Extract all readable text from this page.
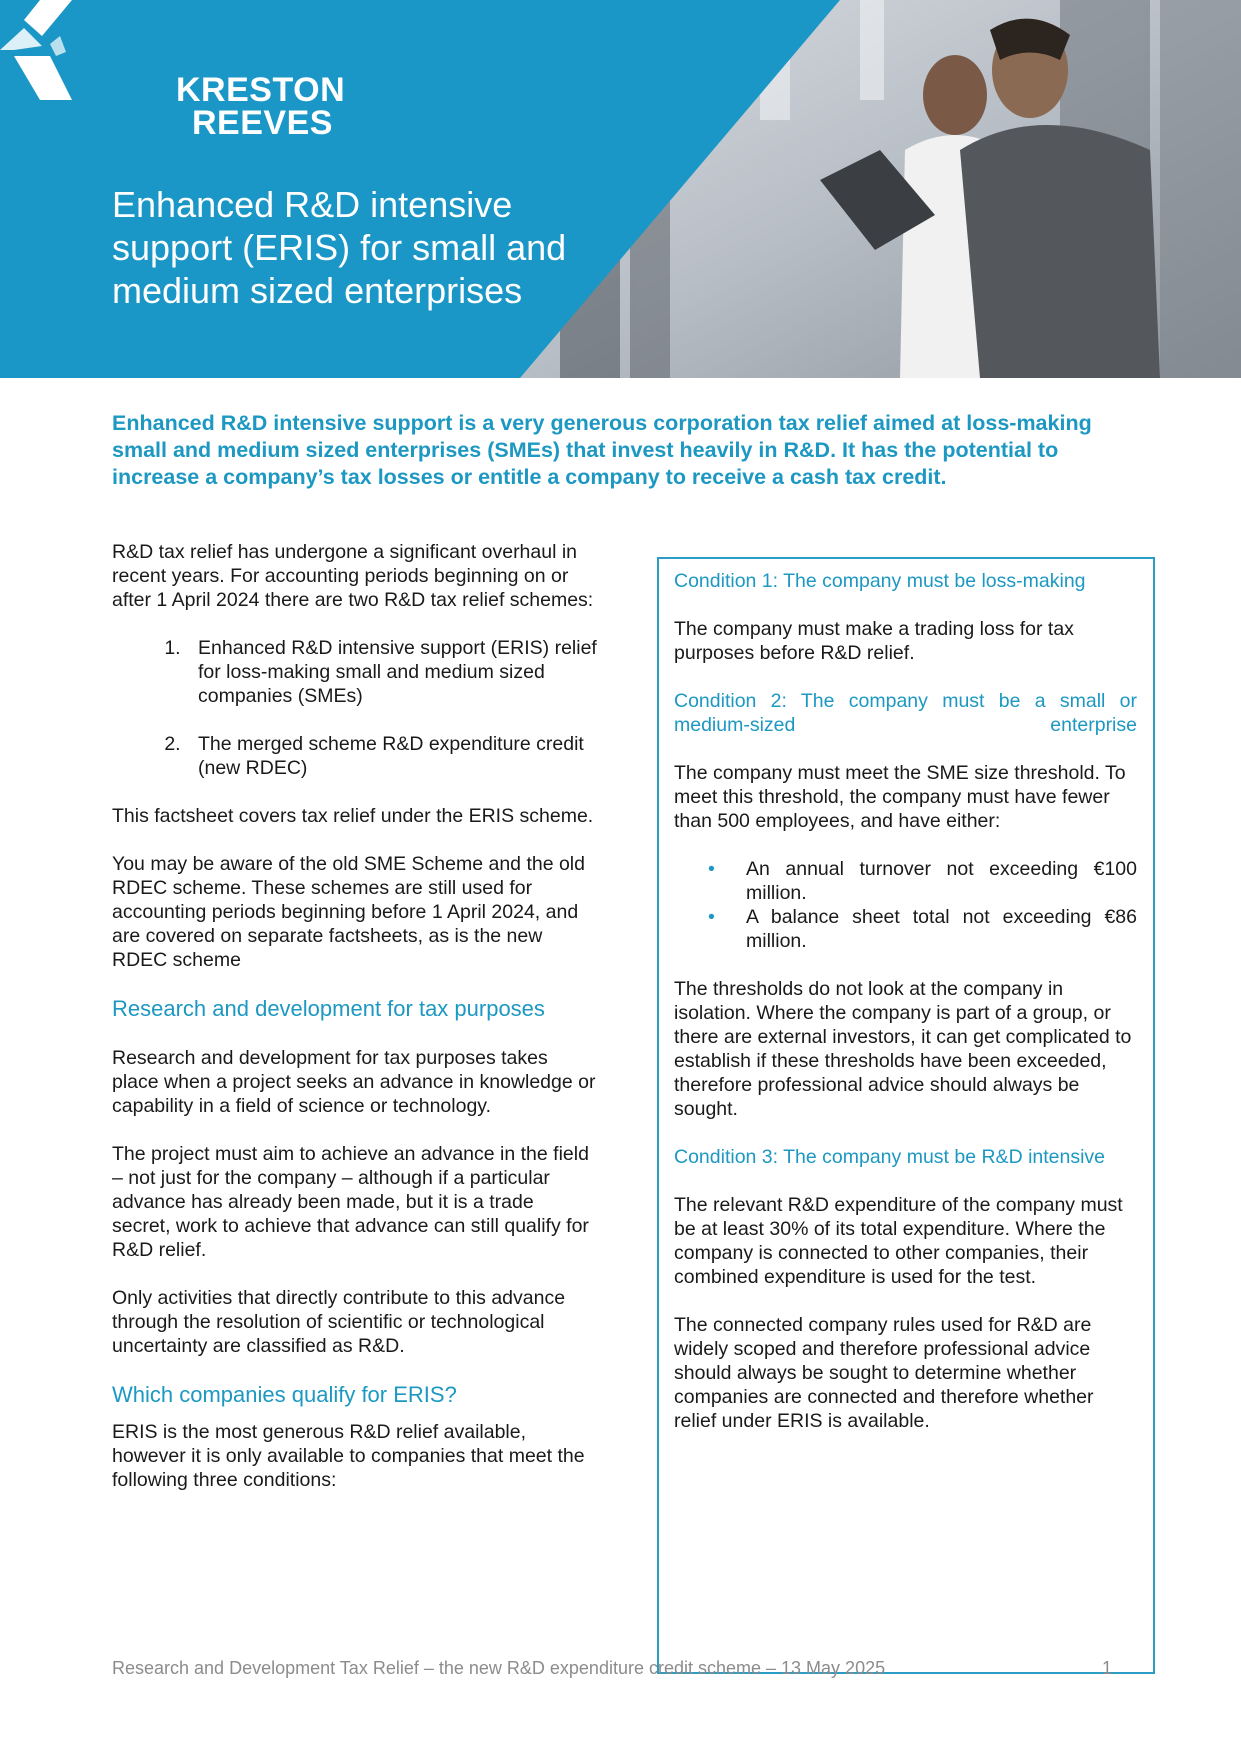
KRESTON
REEVES
Enhanced R&D intensive support (ERIS) for small and medium sized enterprises

Enhanced R&D intensive support is a very generous corporation tax relief aimed at loss-making small and medium sized enterprises (SMEs) that invest heavily in R&D. It has the potential to increase a company’s tax losses or entitle a company to receive a cash tax credit.

R&D tax relief has undergone a significant overhaul in recent years. For accounting periods beginning on or after 1 April 2024 there are two R&D tax relief schemes:

1. Enhanced R&D intensive support (ERIS) relief for loss-making small and medium sized companies (SMEs)
2. The merged scheme R&D expenditure credit (new RDEC)

This factsheet covers tax relief under the ERIS scheme.

You may be aware of the old SME Scheme and the old RDEC scheme. These schemes are still used for accounting periods beginning before 1 April 2024, and are covered on separate factsheets, as is the new RDEC scheme

Research and development for tax purposes

Research and development for tax purposes takes place when a project seeks an advance in knowledge or capability in a field of science or technology.

The project must aim to achieve an advance in the field – not just for the company – although if a particular advance has already been made, but it is a trade secret, work to achieve that advance can still qualify for R&D relief.

Only activities that directly contribute to this advance through the resolution of scientific or technological uncertainty are classified as R&D.

Which companies qualify for ERIS?

ERIS is the most generous R&D relief available, however it is only available to companies that meet the following three conditions:

Condition 1: The company must be loss-making

The company must make a trading loss for tax purposes before R&D relief.

Condition 2: The company must be a small or medium-sized enterprise

The company must meet the SME size threshold. To meet this threshold, the company must have fewer than 500 employees, and have either:

• An annual turnover not exceeding €100 million.
• A balance sheet total not exceeding €86 million.

The thresholds do not look at the company in isolation. Where the company is part of a group, or there are external investors, it can get complicated to establish if these thresholds have been exceeded, therefore professional advice should always be sought.

Condition 3: The company must be R&D intensive

The relevant R&D expenditure of the company must be at least 30% of its total expenditure. Where the company is connected to other companies, their combined expenditure is used for the test.

The connected company rules used for R&D are widely scoped and therefore professional advice should always be sought to determine whether companies are connected and therefore whether relief under ERIS is available.

Research and Development Tax Relief – the new R&D expenditure credit scheme – 13 May 2025	1
